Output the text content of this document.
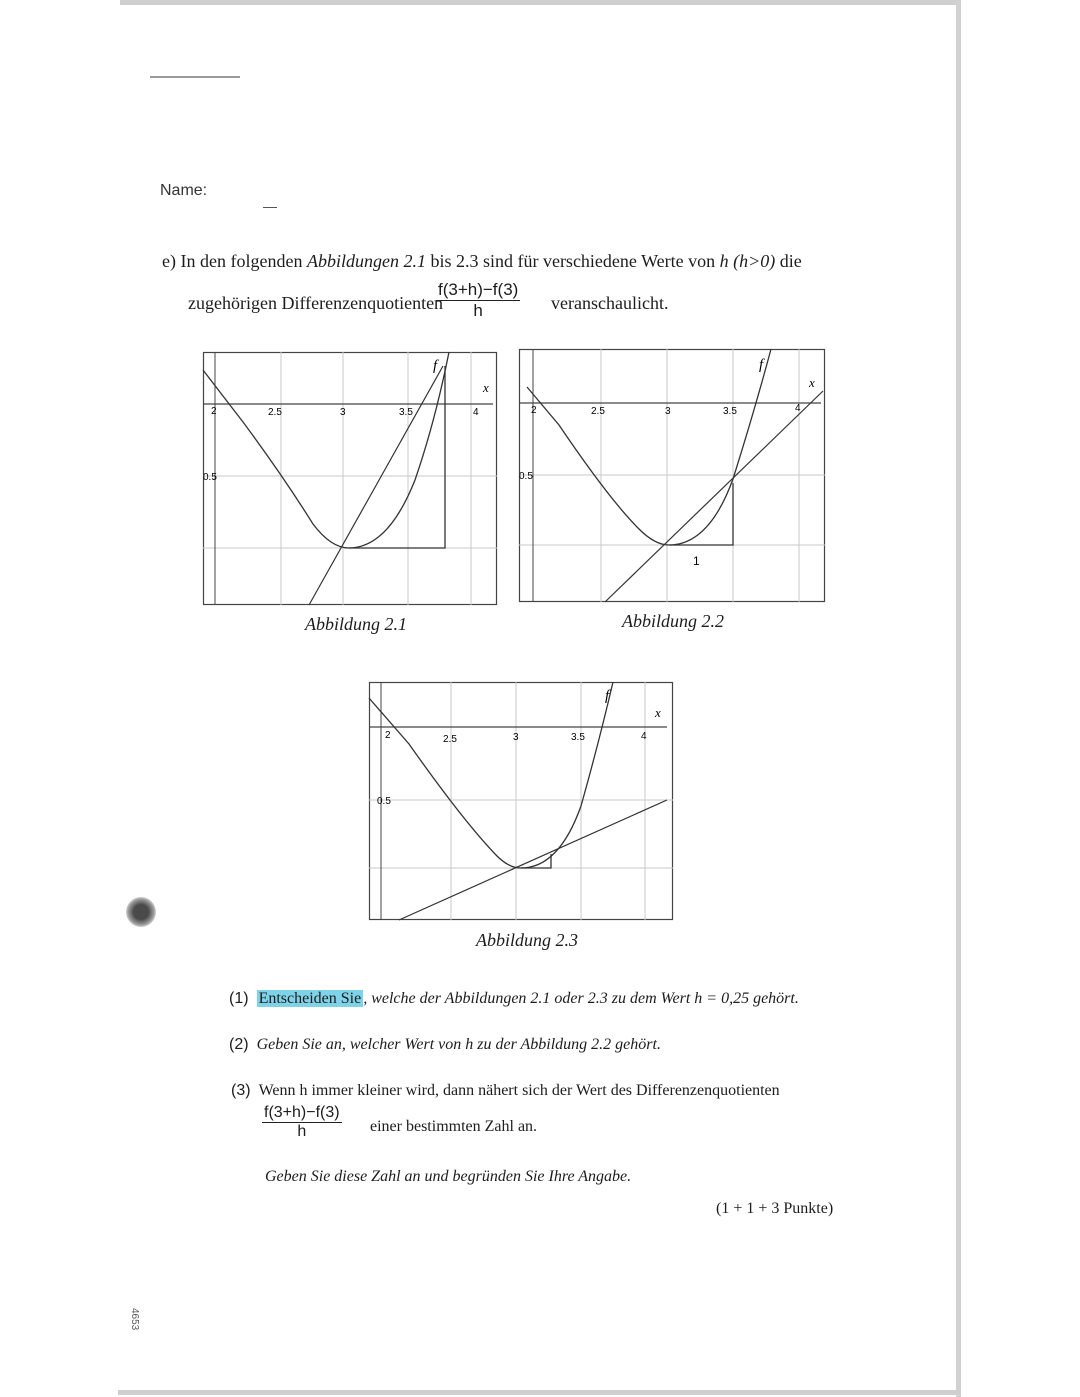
Name:
e) In den folgenden Abbildungen 2.1 bis 2.3 sind für verschiedene Werte von h (h>0) die
zugehörigen Differenzenquotienten
$\frac{f(3+h)-f(3)}{h}$ veranschaulicht.
2	2.5	3	3.5	4
0.5
f
x
Abbildung 2.1
2	2.5	3	3.5	4
0.5
f
x
1
Abbildung 2.2
2	2.5	3	3.5	4
0.5
f
x
Abbildung 2.3
(1) Entscheiden Sie , welche der Abbildungen 2.1 oder 2.3 zu dem Wert h = 0,25 gehört.
(2) Geben Sie an, welcher Wert von h zu der Abbildung 2.2 gehört.
(3) Wenn h immer kleiner wird, dann nähert sich der Wert des Differenzenquotienten
$\frac{f(3+h)-f(3)}{h}$ einer bestimmten Zahl an.
Geben Sie diese Zahl an und begründen Sie Ihre Angabe.
(1 + 1 + 3 Punkte)
4653
